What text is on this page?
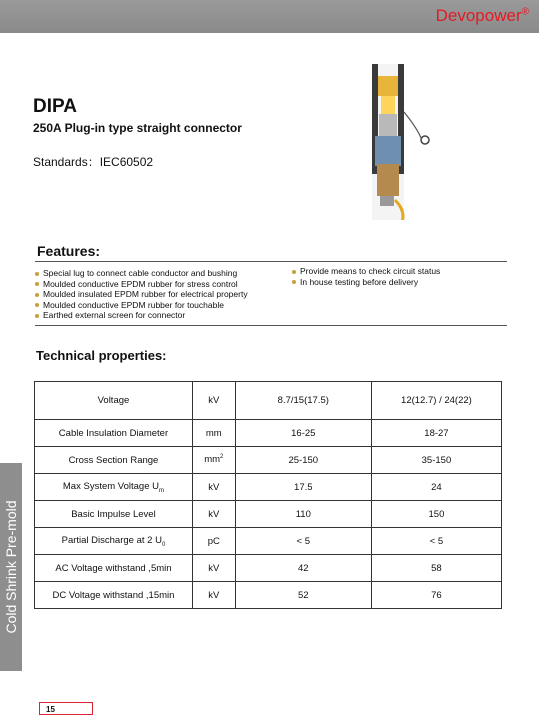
Devopower®
DIPA
250A Plug-in type straight connector
Standards：IEC60502
Features:
Special lug to connect cable conductor and bushing
Moulded conductive EPDM rubber for stress control
Moulded insulated EPDM rubber for electrical property
Moulded conductive EPDM rubber for touchable
Earthed external screen for connector
Provide means to check circuit status
In house testing before delivery
Technical properties:
Voltage	kV	8.7/15(17.5)	12(12.7) / 24(22)
Cable Insulation Diameter	mm	16-25	18-27
Cross Section Range	$mm^2$	25-150	35-150
Max System Voltage $U_m$	kV	17.5	24
Basic Impulse Level	kV	110	150
Partial Discharge at 2 $U_0$	pC	< 5	< 5
AC Voltage withstand ,5min	kV	42	58
DC Voltage withstand ,15min	kV	52	76
Cold Shrink Pre-mold
15
